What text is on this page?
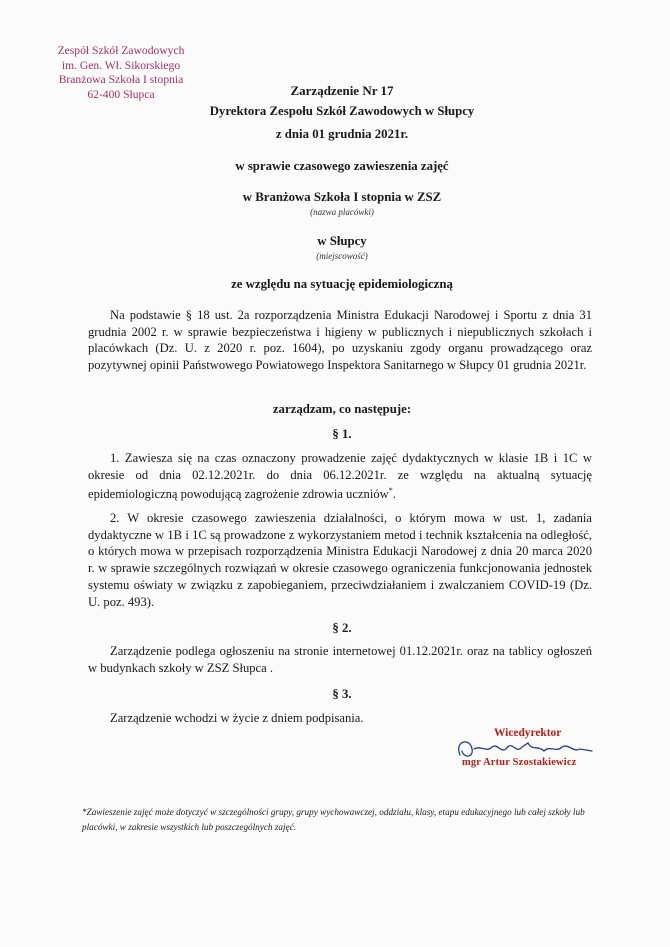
Zespół Szkół Zawodowych
im. Gen. Wł. Sikorskiego
Branżowa Szkoła I stopnia
62-400 Słupca	Zarządzenie Nr 17
Dyrektora Zespołu Szkół Zawodowych w Słupcy
z dnia 01 grudnia 2021r.
w sprawie czasowego zawieszenia zajęć
w Branżowa Szkoła I stopnia w ZSZ
(nazwa placówki)
w Słupcy
(miejscowość)
ze względu na sytuację epidemiologiczną
Na podstawie § 18 ust. 2a rozporządzenia Ministra Edukacji Narodowej i Sportu z dnia 31 grudnia 2002 r. w sprawie bezpieczeństwa i higieny w publicznych i niepublicznych szkołach i placówkach (Dz. U. z 2020 r. poz. 1604), po uzyskaniu zgody organu prowadzącego oraz pozytywnej opinii Państwowego Powiatowego Inspektora Sanitarnego w Słupcy 01 grudnia 2021r.
zarządzam, co następuje:
§ 1.
1. Zawiesza się na czas oznaczony prowadzenie zajęć dydaktycznych w klasie 1B i 1C w okresie od dnia 02.12.2021r. do dnia 06.12.2021r. ze względu na aktualną sytuację epidemiologiczną powodującą zagrożenie zdrowia uczniów*.
2. W okresie czasowego zawieszenia działalności, o którym mowa w ust. 1, zadania dydaktyczne w 1B i 1C są prowadzone z wykorzystaniem metod i technik kształcenia na odległość, o których mowa w przepisach rozporządzenia Ministra Edukacji Narodowej z dnia 20 marca 2020 r. w sprawie szczególnych rozwiązań w okresie czasowego ograniczenia funkcjonowania jednostek systemu oświaty w związku z zapobieganiem, przeciwdziałaniem i zwalczaniem COVID-19 (Dz. U. poz. 493).
§ 2.
Zarządzenie podlega ogłoszeniu na stronie internetowej 01.12.2021r. oraz na tablicy ogłoszeń w budynkach szkoły w ZSZ Słupca .
§ 3.
Zarządzenie wchodzi w życie z dniem podpisania.
Wicedyrektor
mgr Artur Szostakiewicz
*Zawieszenie zajęć może dotyczyć w szczególności grupy, grupy wychowawczej, oddziału, klasy, etapu edukacyjnego lub całej szkoły lub placówki, w zakresie wszystkich lub poszczególnych zajęć.
